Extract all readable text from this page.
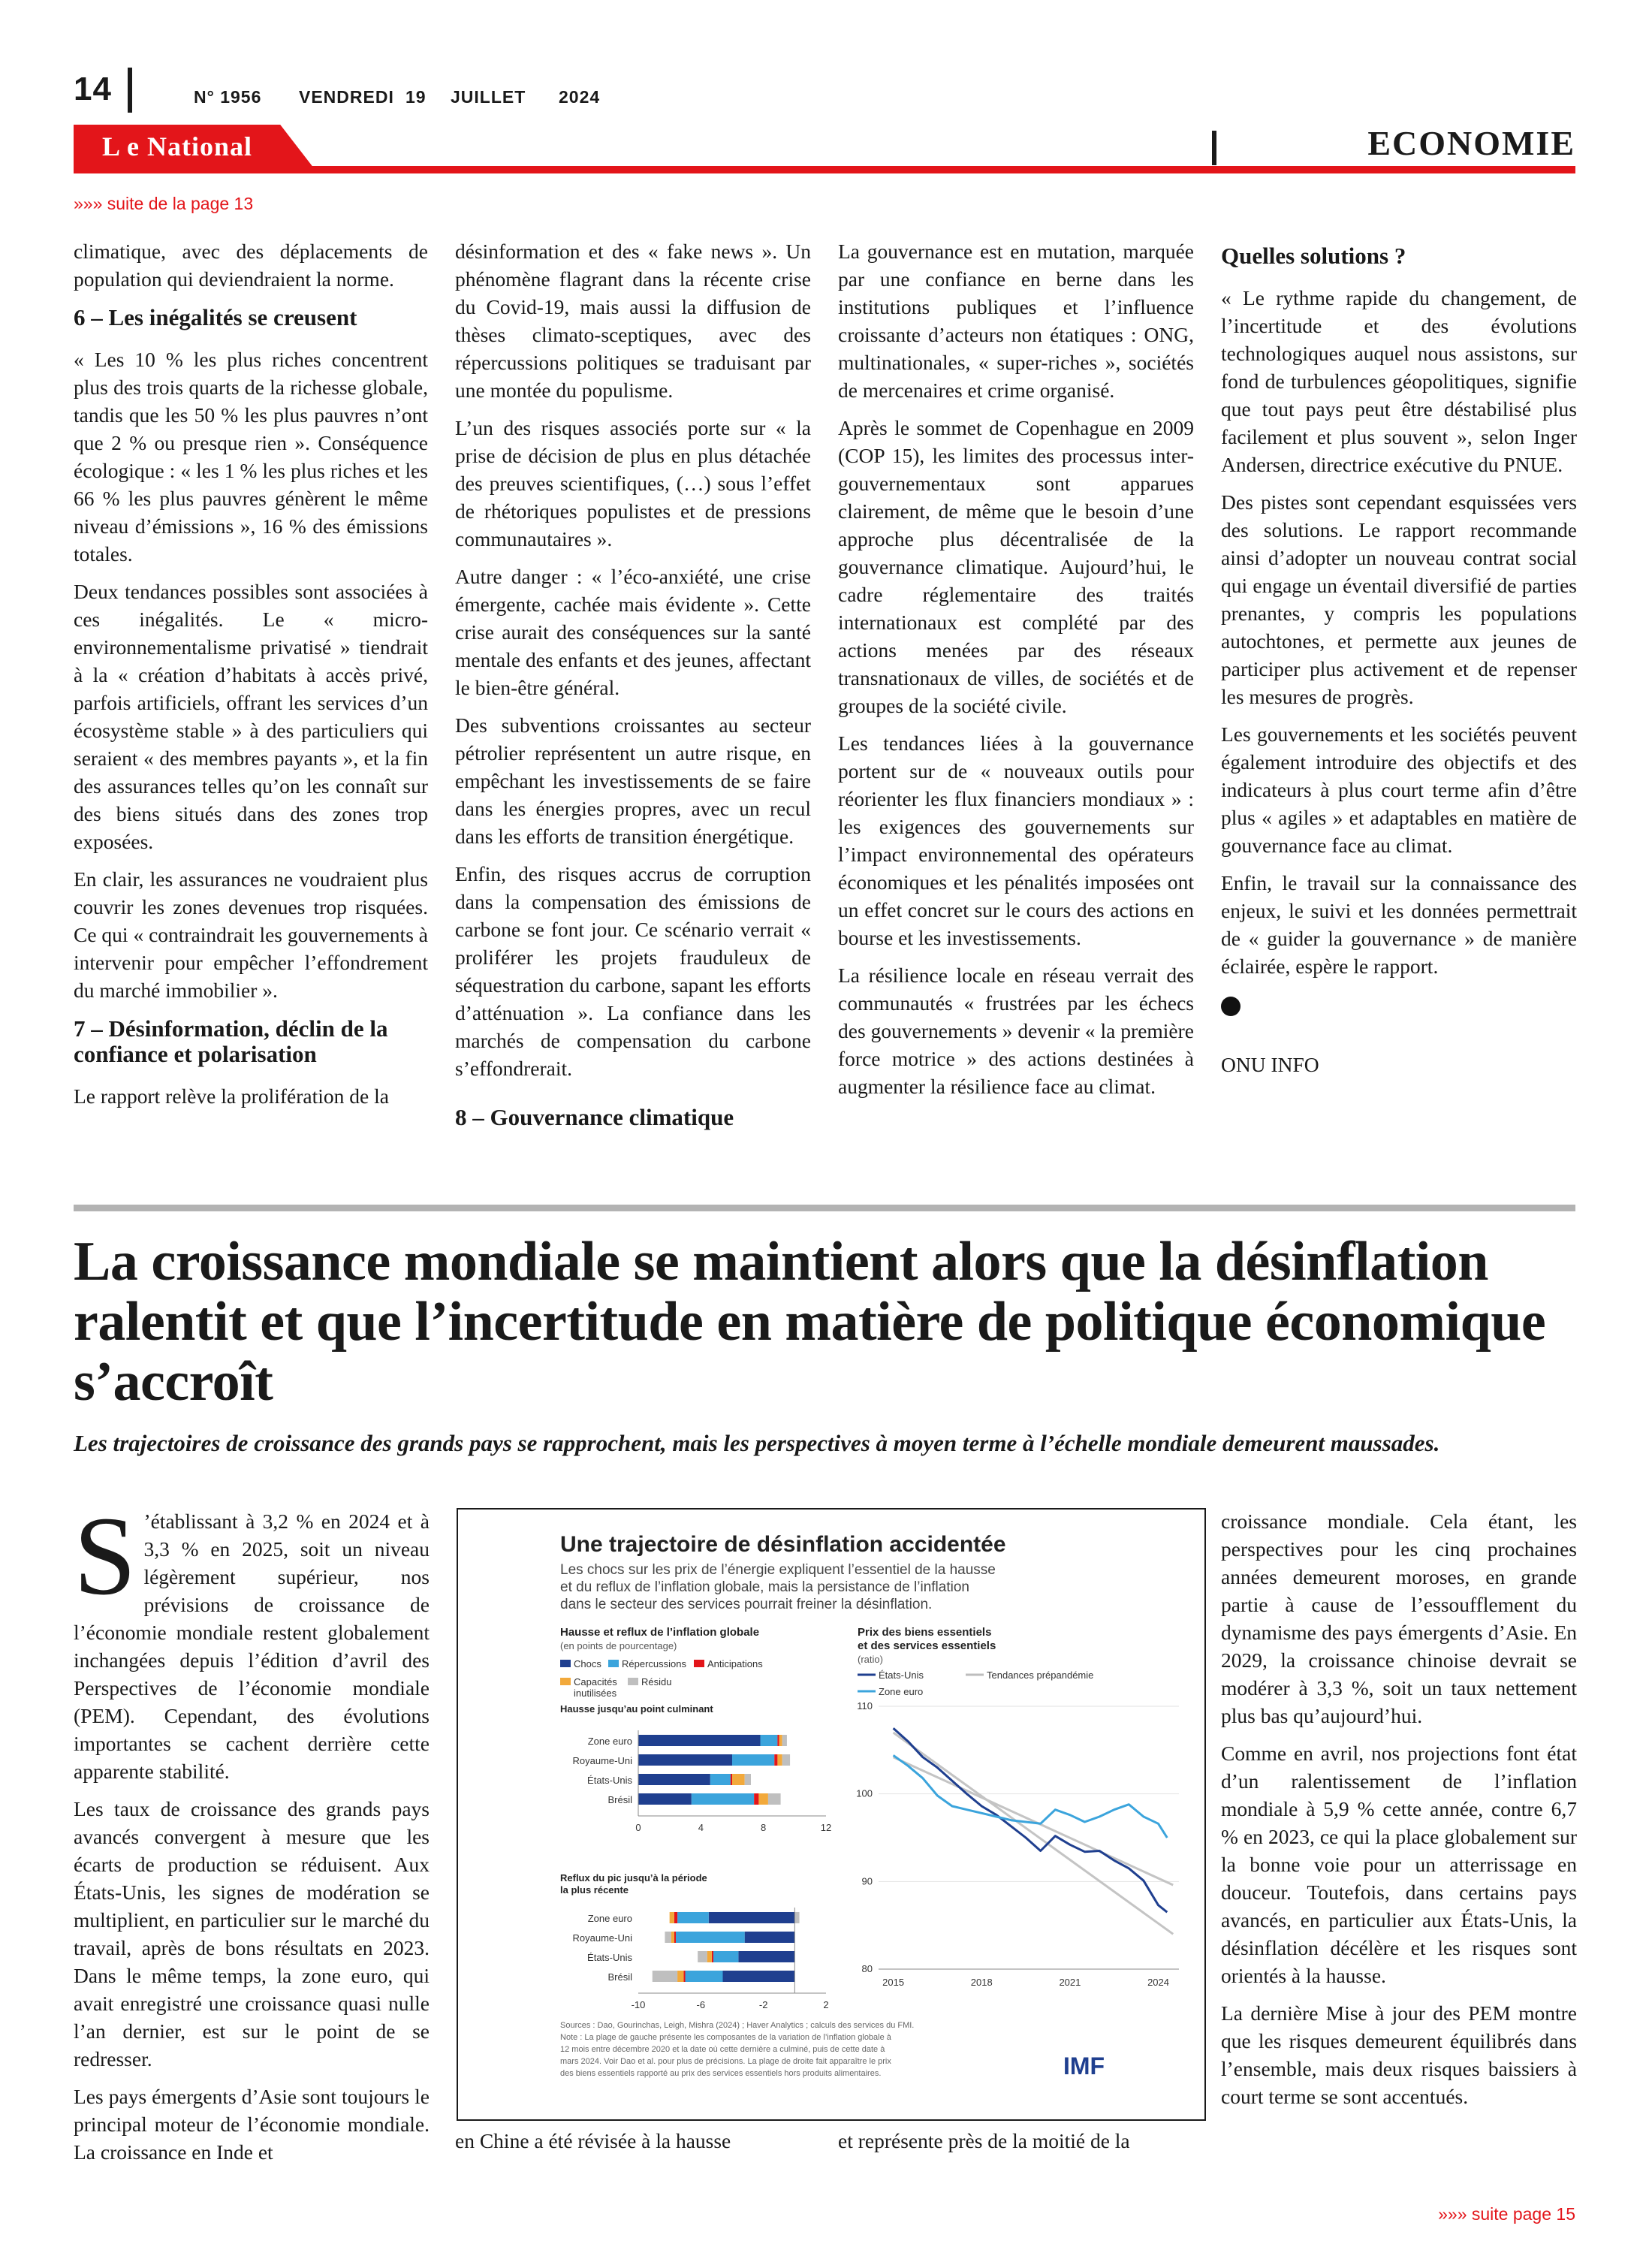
14	N° 1956 VENDREDI 19 JUILLET 2024
L e National	ECONOMIE
»»» suite de la page 13

climatique, avec des déplacements de population qui deviendraient la norme.

6 – Les inégalités se creusent

« Les 10 % les plus riches concentrent plus des trois quarts de la richesse globale, tandis que les 50 % les plus pauvres n’ont que 2 % ou presque rien ». Conséquence écologique : « les 1 % les plus riches et les 66 % les plus pauvres génèrent le même niveau d’émissions », 16 % des émissions totales.

Deux tendances possibles sont associées à ces inégalités. Le « micro-environnementalisme privatisé » tiendrait à la « création d’habitats à accès privé, parfois artificiels, offrant les services d’un écosystème stable » à des particuliers qui seraient « des membres payants », et la fin des assurances telles qu’on les connaît sur des biens situés dans des zones trop exposées.

En clair, les assurances ne voudraient plus couvrir les zones devenues trop risquées. Ce qui « contraindrait les gouvernements à intervenir pour empêcher l’effondrement du marché immobilier ».

7 – Désinformation, déclin de la confiance et polarisation

Le rapport relève la prolifération de la

désinformation et des « fake news ». Un phénomène flagrant dans la récente crise du Covid-19, mais aussi la diffusion de thèses climato-sceptiques, avec des répercussions politiques se traduisant par une montée du populisme.

L’un des risques associés porte sur « la prise de décision de plus en plus détachée des preuves scientifiques, (…) sous l’effet de rhétoriques populistes et de pressions communautaires ».

Autre danger : « l’éco-anxiété, une crise émergente, cachée mais évidente ». Cette crise aurait des conséquences sur la santé mentale des enfants et des jeunes, affectant le bien-être général.

Des subventions croissantes au secteur pétrolier représentent un autre risque, en empêchant les investissements de se faire dans les énergies propres, avec un recul dans les efforts de transition énergétique.

Enfin, des risques accrus de corruption dans la compensation des émissions de carbone se font jour. Ce scénario verrait « proliférer les projets frauduleux de séquestration du carbone, sapant les efforts d’atténuation ». La confiance dans les marchés de compensation du carbone s’effondrerait.

8 – Gouvernance climatique

La gouvernance est en mutation, marquée par une confiance en berne dans les institutions publiques et l’influence croissante d’acteurs non étatiques : ONG, multinationales, « super-riches », sociétés de mercenaires et crime organisé.

Après le sommet de Copenhague en 2009 (COP 15), les limites des processus inter-gouvernementaux sont apparues clairement, de même que le besoin d’une approche plus décentralisée de la gouvernance climatique. Aujourd’hui, le cadre réglementaire des traités internationaux est complété par des actions menées par des réseaux transnationaux de villes, de sociétés et de groupes de la société civile.

Les tendances liées à la gouvernance portent sur de « nouveaux outils pour réorienter les flux financiers mondiaux » : les exigences des gouvernements sur l’impact environnemental des opérateurs économiques et les pénalités imposées ont un effet concret sur le cours des actions en bourse et les investissements.

La résilience locale en réseau verrait des communautés « frustrées par les échecs des gouvernements » devenir « la première force motrice » des actions destinées à augmenter la résilience face au climat.

Quelles solutions ?

« Le rythme rapide du changement, de l’incertitude et des évolutions technologiques auquel nous assistons, sur fond de turbulences géopolitiques, signifie que tout pays peut être déstabilisé plus facilement et plus souvent », selon Inger Andersen, directrice exécutive du PNUE.

Des pistes sont cependant esquissées vers des solutions. Le rapport recommande ainsi d’adopter un nouveau contrat social qui engage un éventail diversifié de parties prenantes, y compris les populations autochtones, et permette aux jeunes de participer plus activement et de repenser les mesures de progrès.

Les gouvernements et les sociétés peuvent également introduire des objectifs et des indicateurs à plus court terme afin d’être plus « agiles » et adaptables en matière de gouvernance face au climat.

Enfin, le travail sur la connaissance des enjeux, le suivi et les données permettrait de « guider la gouvernance » de manière éclairée, espère le rapport.

ONU INFO

La croissance mondiale se maintient alors que la désinflation ralentit et que l’incertitude en matière de politique économique s’accroît
Les trajectoires de croissance des grands pays se rapprochent, mais les perspectives à moyen terme à l’échelle mondiale demeurent maussades.

S ’établissant à 3,2 % en 2024 et à 3,3 % en 2025, soit un niveau légèrement supérieur, nos prévisions de croissance de l’économie mondiale restent globalement inchangées depuis l’édition d’avril des Perspectives de l’économie mondiale (PEM). Cependant, des évolutions importantes se cachent derrière cette apparente stabilité.

Les taux de croissance des grands pays avancés convergent à mesure que les écarts de production se réduisent. Aux États-Unis, les signes de modération se multiplient, en particulier sur le marché du travail, après de bons résultats en 2023. Dans le même temps, la zone euro, qui avait enregistré une croissance quasi nulle l’an dernier, est sur le point de se redresser.

Les pays émergents d’Asie sont toujours le principal moteur de l’économie mondiale. La croissance en Inde et	en Chine a été révisée à la hausse	et représente près de la moitié de la

croissance mondiale. Cela étant, les perspectives pour les cinq prochaines années demeurent moroses, en grande partie à cause de l’essoufflement du dynamisme des pays émergents d’Asie. En 2029, la croissance chinoise devrait se modérer à 3,3 %, soit un taux nettement plus bas qu’aujourd’hui.

Comme en avril, nos projections font état d’un ralentissement de l’inflation mondiale à 5,9 % cette année, contre 6,7 % en 2023, ce qui la place globalement sur la bonne voie pour un atterrissage en douceur. Toutefois, dans certains pays avancés, en particulier aux États-Unis, la désinflation décélère et les risques sont orientés à la hausse.

La dernière Mise à jour des PEM montre que les risques demeurent équilibrés dans l’ensemble, mais deux risques baissiers à court terme se sont accentués.

»»» suite page 15
Une trajectoire de désinflation accidentée
Les chocs sur les prix de l’énergie expliquent l’essentiel de la hausse
et du reflux de l’inflation globale, mais la persistance de l’inflation
dans le secteur des services pourrait freiner la désinflation.
Hausse et reflux de l’inflation globale
(en points de pourcentage)
Chocs Répercussions Anticipations
Capacités
inutilisées
Résidu
Hausse jusqu’au point culminant
Zone euro
Royaume-Uni
États-Unis
Brésil
0	4	8	12
Reflux du pic jusqu’à la période
la plus récente
Zone euro
Royaume-Uni
États-Unis
Brésil
-10	-6	-2	2
Prix des biens essentiels
et des services essentiels
(ratio)
États-Unis	Tendances prépandémie
Zone euro
80
90
100
110
2015	2018	2021	2024
Sources : Dao, Gourinchas, Leigh, Mishra (2024) ; Haver Analytics ; calculs des services du FMI.
Note : La plage de gauche présente les composantes de la variation de l’inflation globale à
12 mois entre décembre 2020 et la date où cette dernière a culminé, puis de cette date à
mars 2024. Voir Dao et al. pour plus de précisions. La plage de droite fait apparaître le prix
des biens essentiels rapporté au prix des services essentiels hors produits alimentaires.	IMF
